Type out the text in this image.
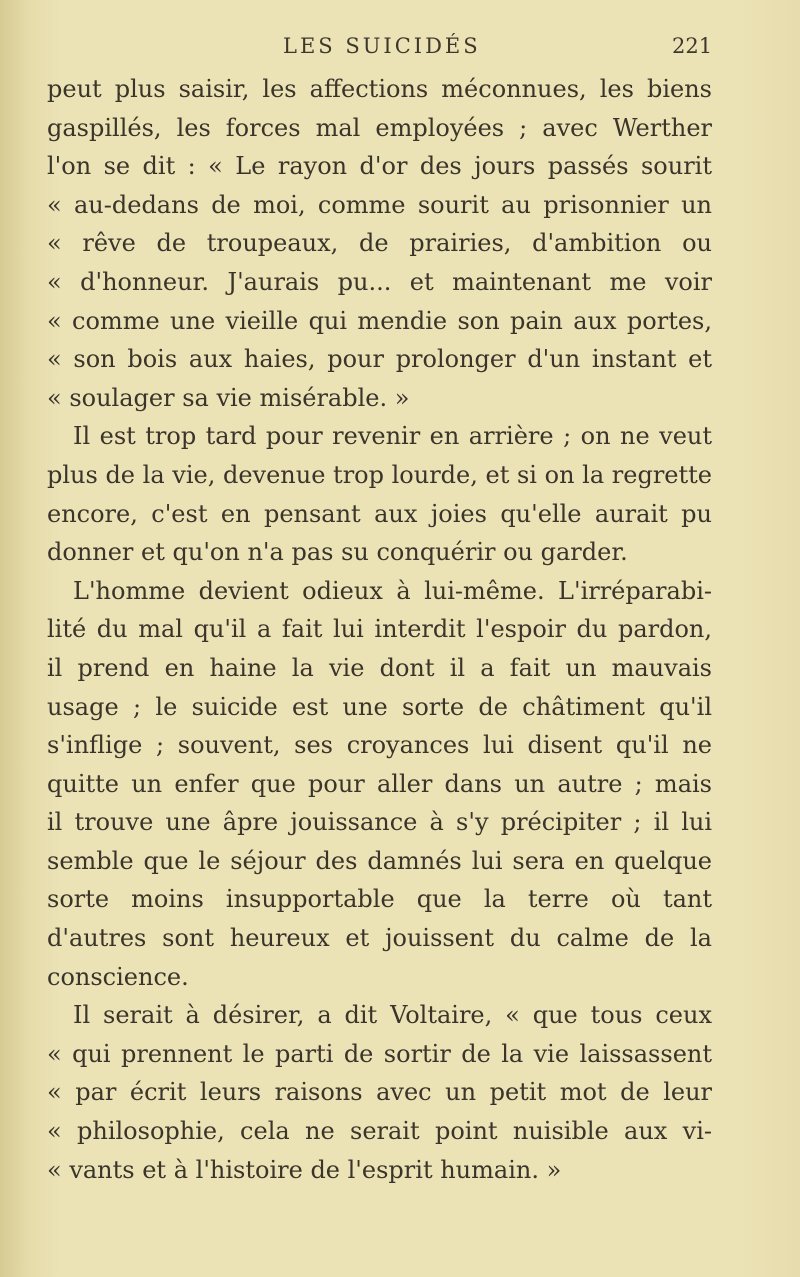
LES SUICIDÉS	221
peut plus saisir, les affections méconnues, les biens
gaspillés, les forces mal employées ; avec Werther
l'on se dit : « Le rayon d'or des jours passés sourit
« au-dedans de moi, comme sourit au prisonnier un
« rêve de troupeaux, de prairies, d'ambition ou
« d'honneur. J'aurais pu... et maintenant me voir
« comme une vieille qui mendie son pain aux portes,
« son bois aux haies, pour prolonger d'un instant et
« soulager sa vie misérable. »
Il est trop tard pour revenir en arrière ; on ne veut
plus de la vie, devenue trop lourde, et si on la regrette
encore, c'est en pensant aux joies qu'elle aurait pu
donner et qu'on n'a pas su conquérir ou garder.
L'homme devient odieux à lui-même. L'irréparabi-
lité du mal qu'il a fait lui interdit l'espoir du pardon,
il prend en haine la vie dont il a fait un mauvais
usage ; le suicide est une sorte de châtiment qu'il
s'inflige ; souvent, ses croyances lui disent qu'il ne
quitte un enfer que pour aller dans un autre ; mais
il trouve une âpre jouissance à s'y précipiter ; il lui
semble que le séjour des damnés lui sera en quelque
sorte moins insupportable que la terre où tant
d'autres sont heureux et jouissent du calme de la
conscience.
Il serait à désirer, a dit Voltaire, « que tous ceux
« qui prennent le parti de sortir de la vie laissassent
« par écrit leurs raisons avec un petit mot de leur
« philosophie, cela ne serait point nuisible aux vi-
« vants et à l'histoire de l'esprit humain. »
